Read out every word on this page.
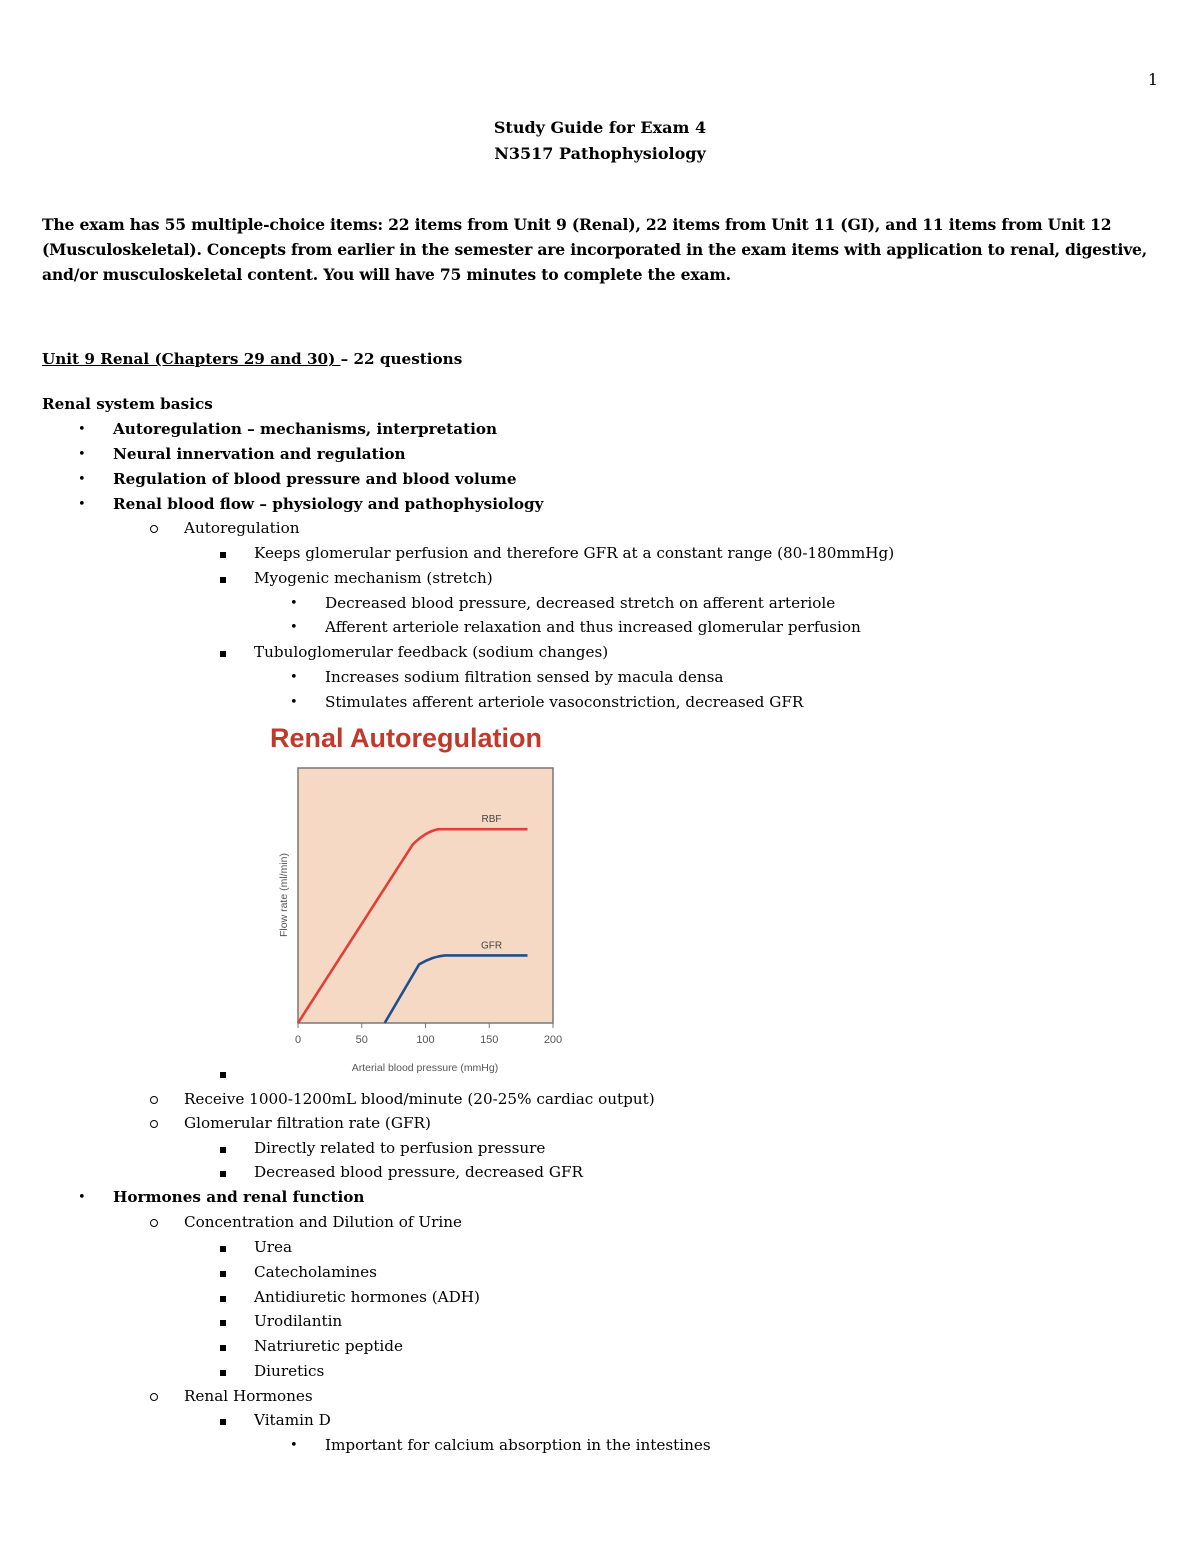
1
Study Guide for Exam 4
N3517 Pathophysiology
The exam has 55 multiple-choice items: 22 items from Unit 9 (Renal), 22 items from Unit 11 (GI), and 11 items from Unit 12 (Musculoskeletal). Concepts from earlier in the semester are incorporated in the exam items with application to renal, digestive, and/or musculoskeletal content. You will have 75 minutes to complete the exam.
Unit 9 Renal (Chapters 29 and 30) – 22 questions
Renal system basics
• Autoregulation – mechanisms, interpretation
• Neural innervation and regulation
• Regulation of blood pressure and blood volume
• Renal blood flow – physiology and pathophysiology
Autoregulation
Keeps glomerular perfusion and therefore GFR at a constant range (80-180mmHg)
Myogenic mechanism (stretch)
• Decreased blood pressure, decreased stretch on afferent arteriole
• Afferent arteriole relaxation and thus increased glomerular perfusion
Tubuloglomerular feedback (sodium changes)
• Increases sodium filtration sensed by macula densa
• Stimulates afferent arteriole vasoconstriction, decreased GFR
Receive 1000-1200mL blood/minute (20-25% cardiac output)
Glomerular filtration rate (GFR)
Directly related to perfusion pressure
Decreased blood pressure, decreased GFR
• Hormones and renal function
Concentration and Dilution of Urine
Urea
Catecholamines
Antidiuretic hormones (ADH)
Urodilantin
Natriuretic peptide
Diuretics
Renal Hormones
Vitamin D
• Important for calcium absorption in the intestines
Renal Autoregulation
0	50	100	150	200
RBF
GFR
Arterial blood pressure (mmHg)
Flow rate (ml/min)
